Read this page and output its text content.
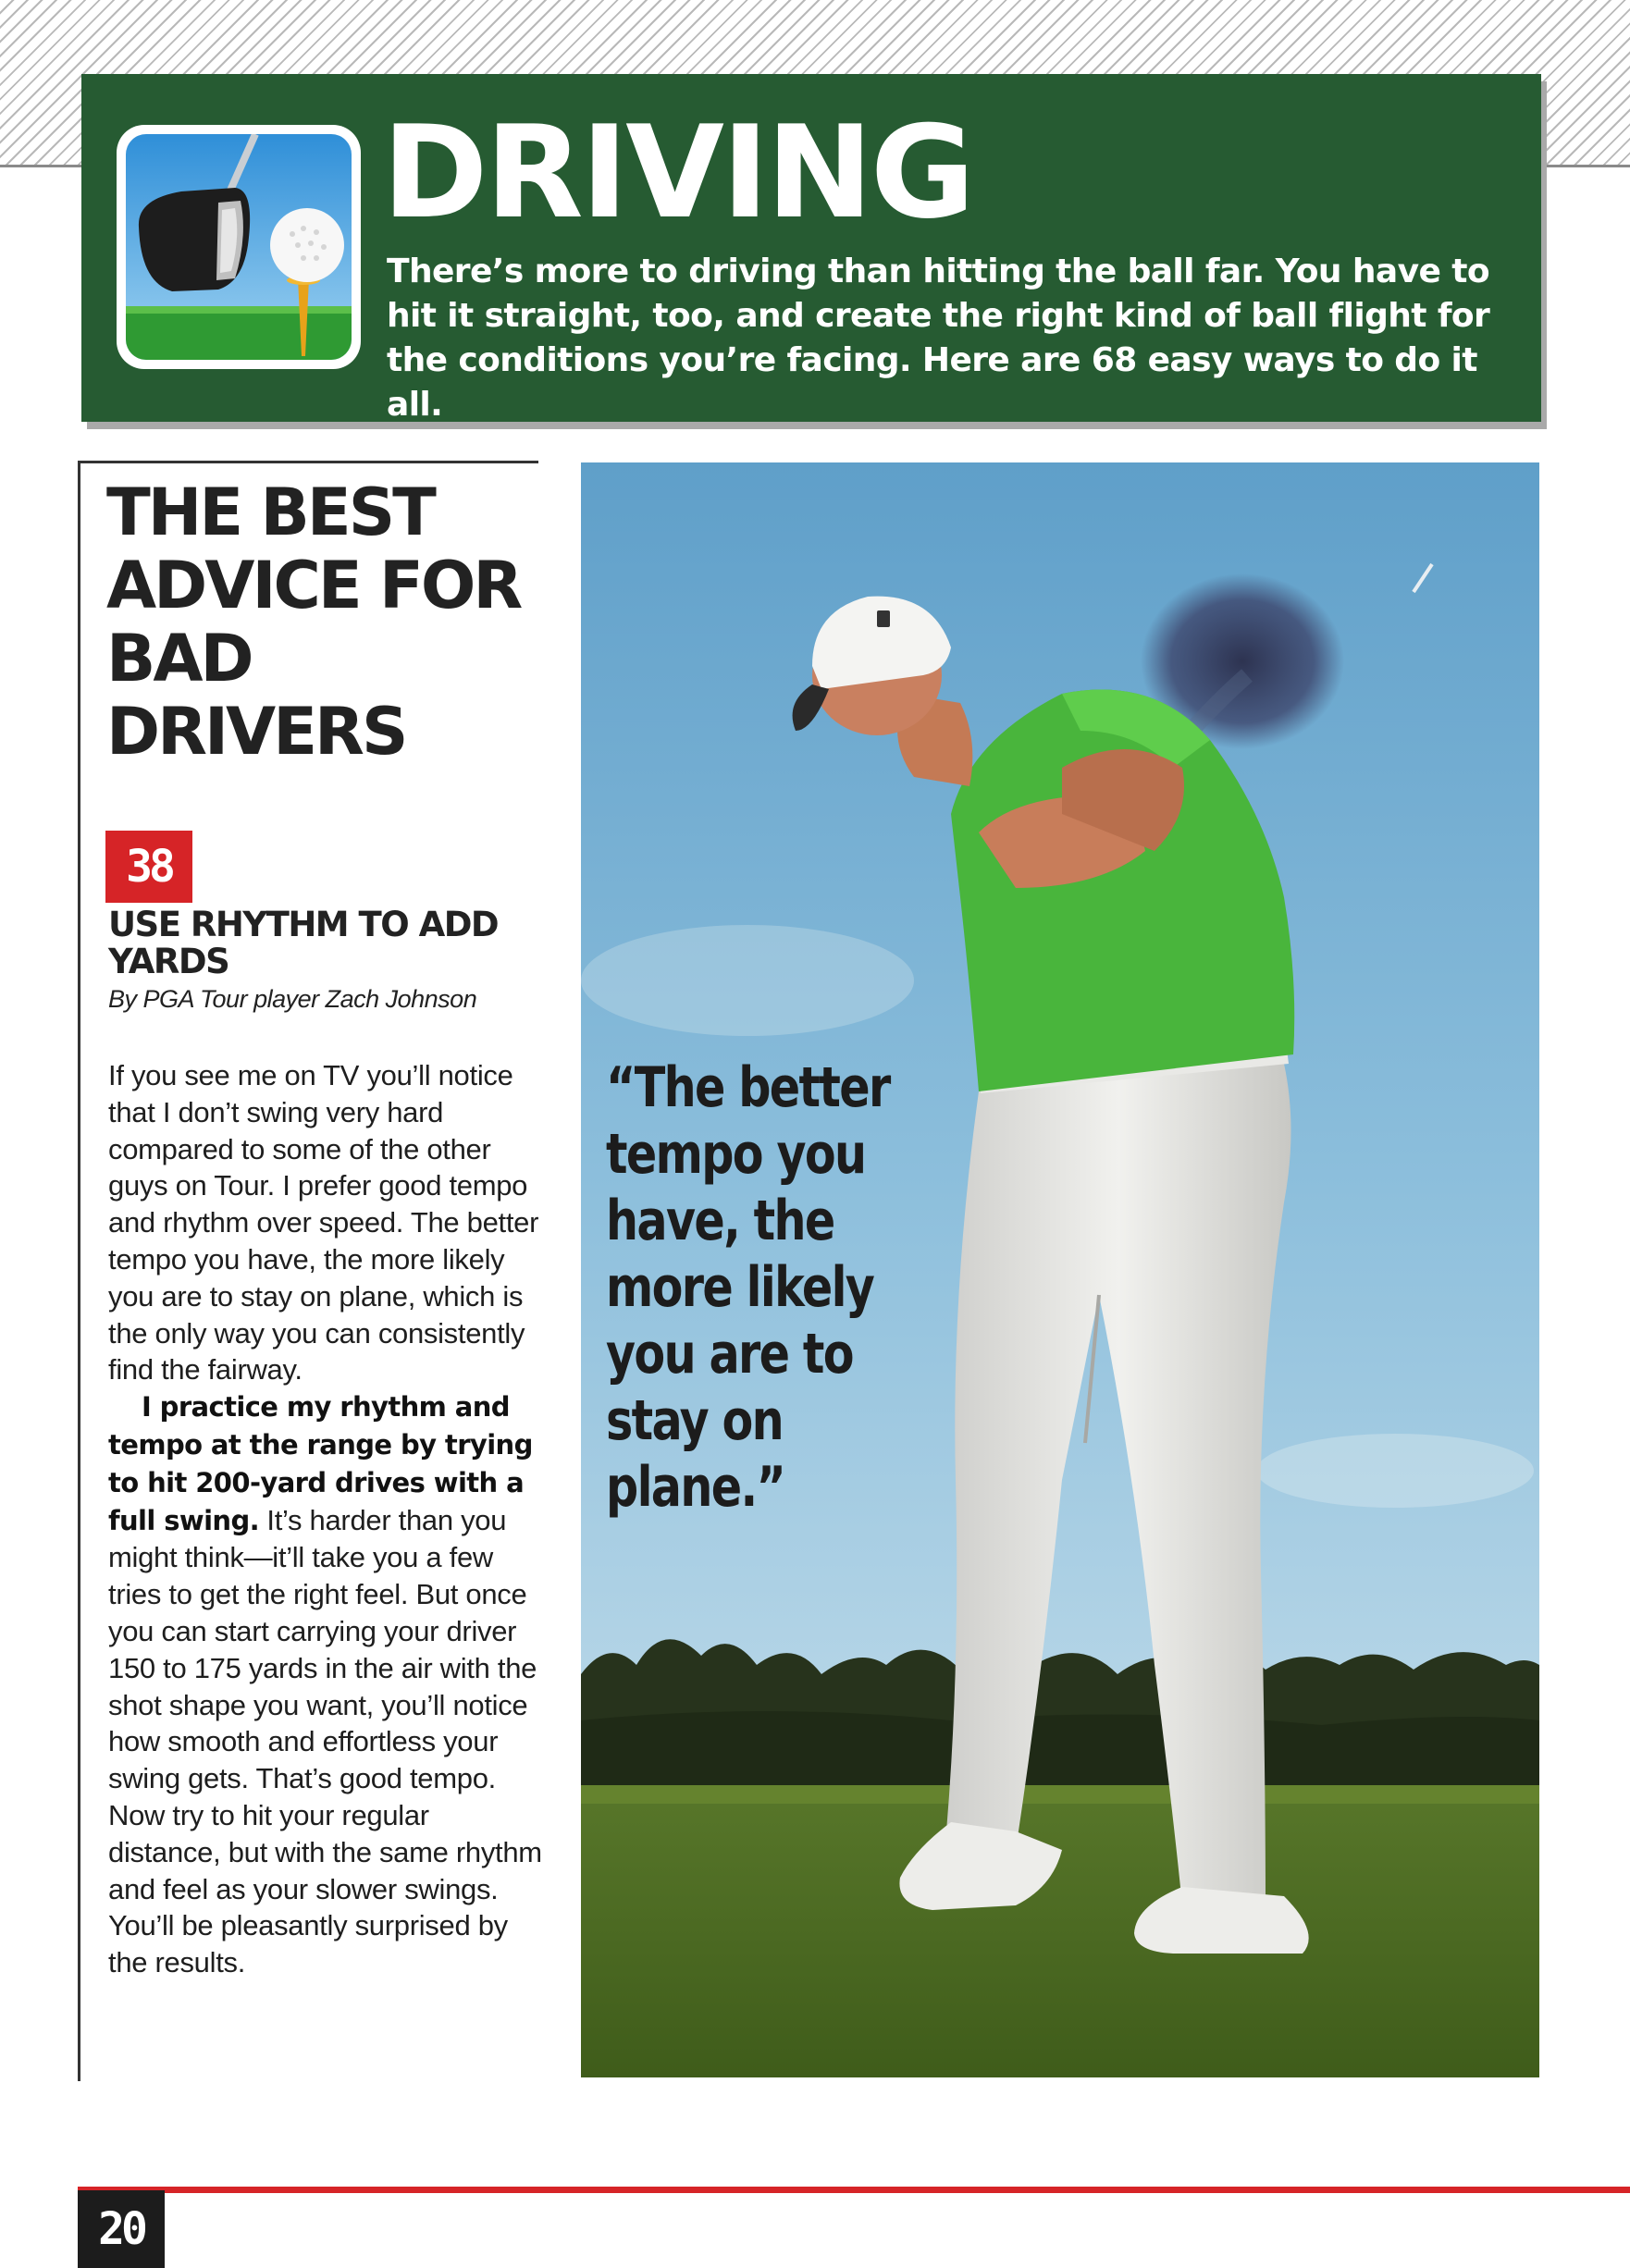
DRIVING
There’s more to driving than hitting the ball far. You have to hit it straight, too, and create the right kind of ball flight for the conditions you’re facing. Here are 68 easy ways to do it all.
THE BEST ADVICE FOR BAD DRIVERS
38
USE RHYTHM TO ADD YARDS
By PGA Tour player Zach Johnson

If you see me on TV you’ll notice that I don’t swing very hard compared to some of the other guys on Tour. I prefer good tempo and rhythm over speed. The better tempo you have, the more likely you are to stay on plane, which is the only way you can consistently find the fairway.

I practice my rhythm and tempo at the range by trying to hit 200-yard drives with a full swing. It’s harder than you might think—it’ll take you a few tries to get the right feel. But once you can start carrying your driver 150 to 175 yards in the air with the shot shape you want, you’ll notice how smooth and effortless your swing gets. That’s good tempo. Now try to hit your regular distance, but with the same rhythm and feel as your slower swings. You’ll be pleasantly surprised by the results.

“The better tempo you have, the more likely you are to stay on plane.”
20
